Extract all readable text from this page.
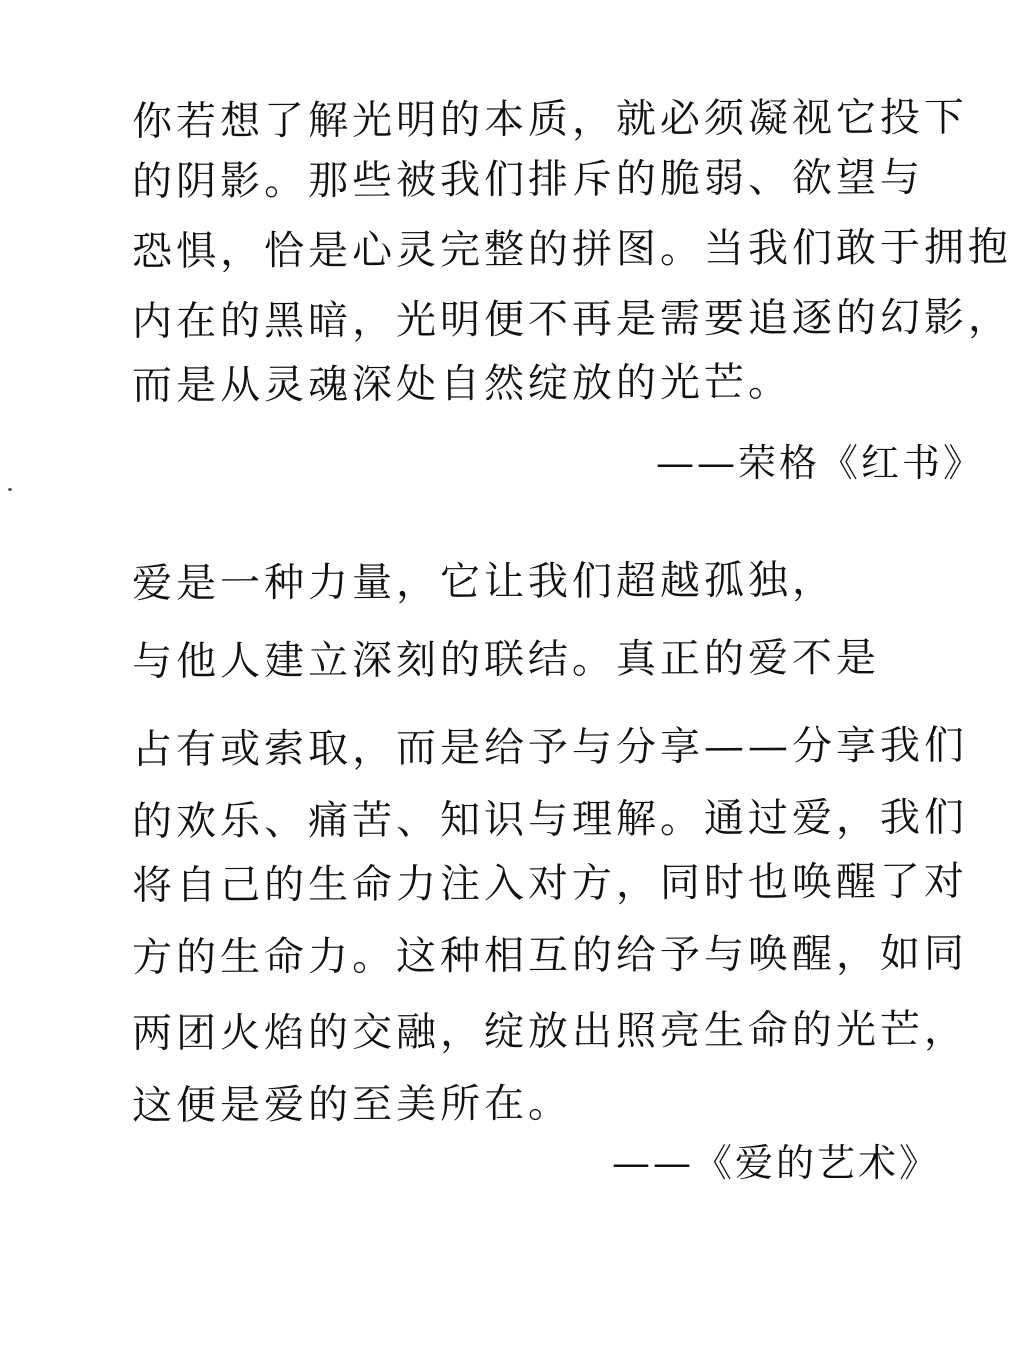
你若想了解光明的本质，就必须凝视它投下
的阴影。那些被我们排斥的脆弱、欲望与
恐惧，恰是心灵完整的拼图。当我们敢于拥抱
内在的黑暗，光明便不再是需要追逐的幻影，
而是从灵魂深处自然绽放的光芒。
——荣格《红书》
爱是一种力量，它让我们超越孤独，
与他人建立深刻的联结。真正的爱不是
占有或索取，而是给予与分享——分享我们
的欢乐、痛苦、知识与理解。通过爱，我们
将自己的生命力注入对方，同时也唤醒了对
方的生命力。这种相互的给予与唤醒，如同
两团火焰的交融，绽放出照亮生命的光芒，
这便是爱的至美所在。
——《爱的艺术》
